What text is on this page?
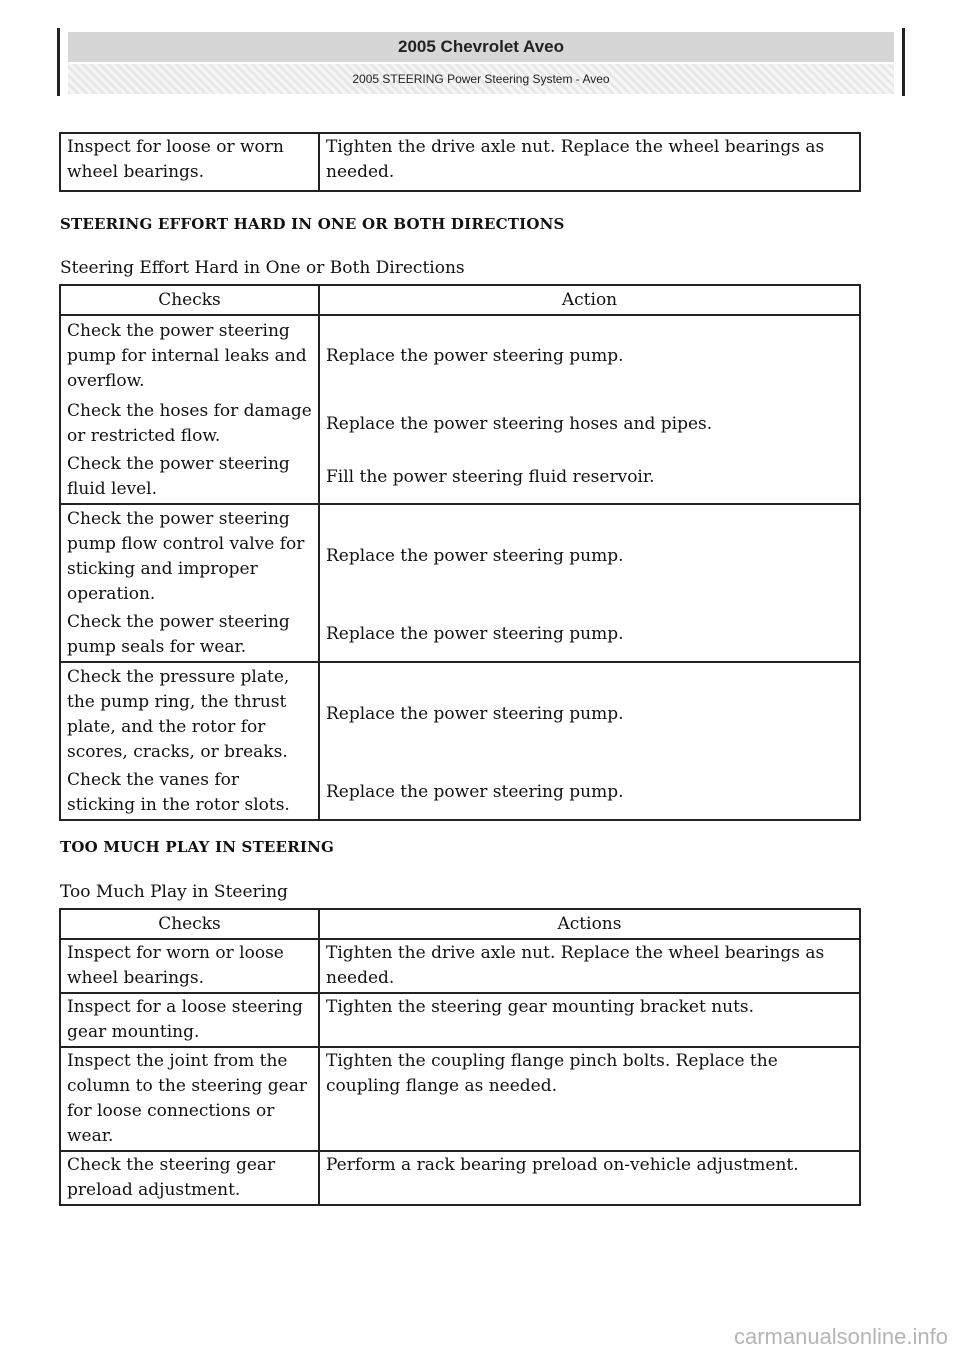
2005 Chevrolet Aveo
2005 STEERING Power Steering System - Aveo
Inspect for loose or worn wheel bearings.	Tighten the drive axle nut. Replace the wheel bearings as needed.
STEERING EFFORT HARD IN ONE OR BOTH DIRECTIONS
Steering Effort Hard in One or Both Directions
Checks	Action
Check the power steering pump for internal leaks and overflow.	Replace the power steering pump.
Check the hoses for damage or restricted flow.	Replace the power steering hoses and pipes.
Check the power steering fluid level.	Fill the power steering fluid reservoir.
Check the power steering pump flow control valve for sticking and improper operation.	Replace the power steering pump.
Check the power steering pump seals for wear.	Replace the power steering pump.
Check the pressure plate, the pump ring, the thrust plate, and the rotor for scores, cracks, or breaks.	Replace the power steering pump.
Check the vanes for sticking in the rotor slots.	Replace the power steering pump.
TOO MUCH PLAY IN STEERING
Too Much Play in Steering
Checks	Actions
Inspect for worn or loose wheel bearings.	Tighten the drive axle nut. Replace the wheel bearings as needed.
Inspect for a loose steering gear mounting.	Tighten the steering gear mounting bracket nuts.
Inspect the joint from the column to the steering gear for loose connections or wear.	Tighten the coupling flange pinch bolts. Replace the coupling flange as needed.
Check the steering gear preload adjustment.	Perform a rack bearing preload on-vehicle adjustment.
carmanualsonline.info
